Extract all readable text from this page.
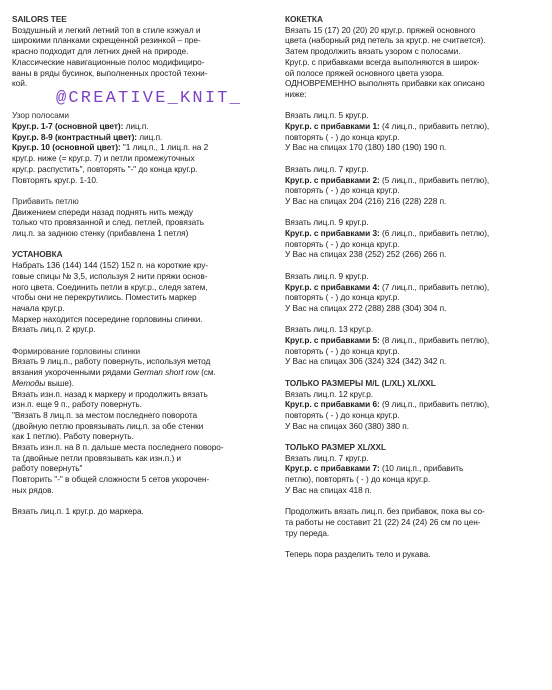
SAILORS TEE

Воздушный и легкий летний топ в стиле кэжуал и

широкими планками скрещенной резинкой – пре-

красно подходит для летних дней на природе.

Классические навигационные полос модифициро-

ваны в ряды бусинок, выполненных простой техни-

кой.

Узор полосами

Круг.р. 1-7 (основной цвет): лиц.п.

Круг.р. 8-9 (контрастный цвет): лиц.п.

Круг.р. 10 (основной цвет): "1 лиц.п., 1 лиц.п. на 2

круг.р. ниже (= круг.р. 7) и петли промежуточных

круг.р. распустить", повторять "-" до конца круг.р.

Повторять круг.р. 1-10.

Прибавить петлю

Движением спереди назад поднять нить между

только что провязанной и след. петлей, провязать

лиц.п. за заднюю стенку (прибавлена 1 петля)

УСТАНОВКА

Набрать 136 (144) 144 (152) 152 п. на короткие кру-

говые спицы № 3,5, используя 2 нити пряжи основ-

ного цвета. Соединить петли в круг.р., следя затем,

чтобы они не перекрутились. Поместить маркер

начала круг.р.

Маркер находится посередине горловины спинки.

Вязать лиц.п. 2 круг.р.

Формирование горловины спинки

Вязать 9 лиц.п., работу повернуть, используя метод

вязания укороченными рядами German short row (см.

Методы выше).

Вязать изн.п. назад к маркеру и продолжить вязать

изн.п. еще 9 п., работу повернуть.

"Вязать 8 лиц.п. за местом последнего поворота

(двойную петлю провязывать лиц.п. за обе стенки

как 1 петлю). Работу повернуть.

Вязать изн.п. на 8 п. дальше места последнего поворо-

та (двойные петли провязывать как изн.п.) и

работу повернуть"

Повторить "-" в общей сложности 5 сетов укорочен-

ных рядов.

Вязать лиц.п. 1 круг.р. до маркера.

@CREATIVE_KNIT_

КОКЕТКА

Вязать 15 (17) 20 (20) 20 круг.р. пряжей основного

цвета (наборный ряд петель за круг.р. не считается).

Затем продолжить вязать узором с полосами.

Круг.р. с прибавками всегда выполняются в широк-

ой полосе пряжей основного цвета узора.

ОДНОВРЕМЕННО выполнять прибавки как описано

ниже:

Вязать лиц.п. 5 круг.р.

Круг.р. с прибавками 1: (4 лиц.п., прибавить петлю),

повторять ( - ) до конца круг.р.

У Вас на спицах 170 (180) 180 (190) 190 п.

Вязать лиц.п. 7 круг.р.

Круг.р. с прибавками 2: (5 лиц.п., прибавить петлю),

повторять ( - ) до конца круг.р.

У Вас на спицах 204 (216) 216 (228) 228 п.

Вязать лиц.п. 9 круг.р.

Круг.р. с прибавками 3: (6 лиц.п., прибавить петлю),

повторять ( - ) до конца круг.р.

У Вас на спицах 238 (252) 252 (266) 266 п.

Вязать лиц.п. 9 круг.р.

Круг.р. с прибавками 4: (7 лиц.п., прибавить петлю),

повторять ( - ) до конца круг.р.

У Вас на спицах 272 (288) 288 (304) 304 п.

Вязать лиц.п. 13 круг.р.

Круг.р. с прибавками 5: (8 лиц.п., прибавить петлю),

повторять ( - ) до конца круг.р.

У Вас на спицах 306 (324) 324 (342) 342 п.

ТОЛЬКО РАЗМЕРЫ M/L (L/XL) XL/XXL

Вязать лиц.п. 12 круг.р.

Круг.р. с прибавками 6: (9 лиц.п., прибавить петлю),

повторять ( - ) до конца круг.р.

У Вас на спицах 360 (380) 380 п.

ТОЛЬКО РАЗМЕР XL/XXL

Вязать лиц.п. 7 круг.р.

Круг.р. с прибавками 7: (10 лиц.п., прибавить

петлю), повторять ( - ) до конца круг.р.

У Вас на спицах 418 п.

Продолжить вязать лиц.п. без прибавок, пока вы со-

та работы не составит 21 (22) 24 (24) 26 см по цен-

тру переда.

Теперь пора разделить тело и рукава.
